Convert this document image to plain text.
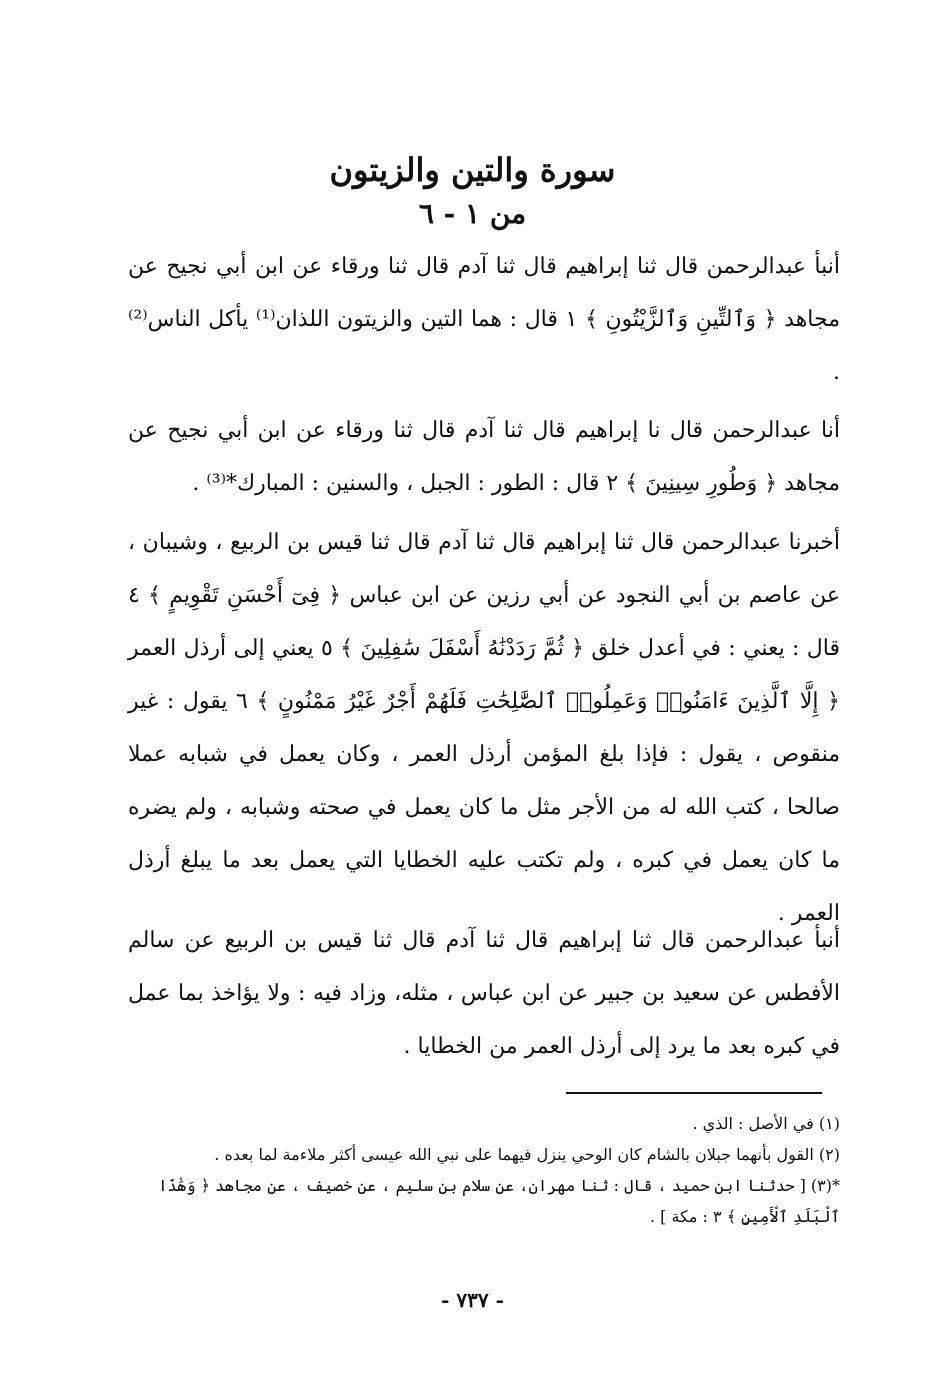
سورة والتين والزيتون
من ١ - ٦

أنبأ عبدالرحمن قال ثنا إبراهيم قال ثنا آدم قال ثنا ورقاء عن ابن أبي نجيح عن مجاهد ﴿ وَٱلتِّينِ وَٱلزَّيْتُونِ ﴾ ١ قال : هما التين والزيتون اللذان⁽¹⁾ يأكل الناس⁽²⁾ .

أنا عبدالرحمن قال نا إبراهيم قال ثنا آدم قال ثنا ورقاء عن ابن أبي نجيح عن مجاهد ﴿ وَطُورِ سِينِينَ ﴾ ٢ قال : الطور : الجبل ، والسنين : المبارك*⁽³⁾ .

أخبرنا عبدالرحمن قال ثنا إبراهيم قال ثنا آدم قال ثنا قيس بن الربيع ، وشيبان ، عن عاصم بن أبي النجود عن أبي رزين عن ابن عباس ﴿ فِىٓ أَحْسَنِ تَقْوِيمٍ ﴾ ٤ قال : يعني : في أعدل خلق ﴿ ثُمَّ رَدَدْنَٰهُ أَسْفَلَ سَٰفِلِينَ ﴾ ٥ يعني إلى أرذل العمر ﴿ إِلَّا ٱلَّذِينَ ءَامَنُوا۟ وَعَمِلُوا۟ ٱلصَّٰلِحَٰتِ فَلَهُمْ أَجْرٌ غَيْرُ مَمْنُونٍ ﴾ ٦ يقول : غير منقوص ، يقول : فإذا بلغ المؤمن أرذل العمر ، وكان يعمل في شبابه عملا صالحا ، كتب الله له من الأجر مثل ما كان يعمل في صحته وشبابه ، ولم يضره ما كان يعمل في كبره ، ولم تكتب عليه الخطايا التي يعمل بعد ما يبلغ أرذل العمر .

أنبأ عبدالرحمن قال ثنا إبراهيم قال ثنا آدم قال ثنا قيس بن الربيع عن سالم الأفطس عن سعيد بن جبير عن ابن عباس ، مثله، وزاد فيه : ولا يؤاخذ بما عمل في كبره بعد ما يرد إلى أرذل العمر من الخطايا .

(١) في الأصل : الذي .

(٢) القول بأنهما جبلان بالشام كان الوحي ينزل فيهما على نبي الله عيسى أكثر ملاءمة لما بعده .

*(٣) [ حدثنا ابن حميد ، قال : ثنا مهران، عن سلام بن سليم ، عن خصيف ، عن مجاهد ﴿ وَهَٰذَا ٱلْبَلَدِ ٱلْأَمِينِ ﴾ ٣ : مكة ] .

- ٧٣٧ -
